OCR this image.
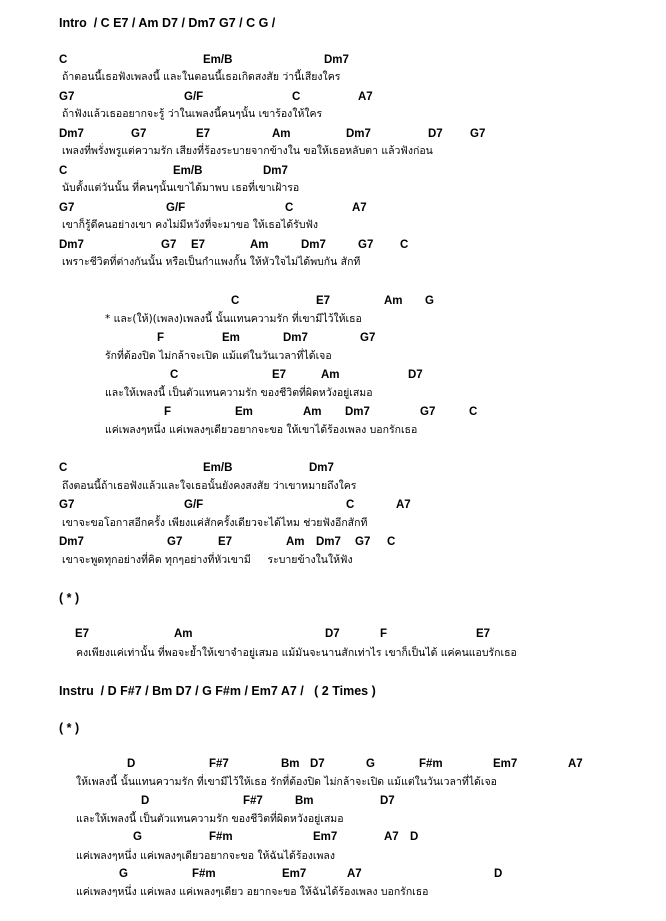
Intro  / C E7 / Am D7 / Dm7 G7 / C G /

C

	Em/B

	Dm7

ถ้าตอนนี้เธอฟังเพลงนี้ และในตอนนี้เธอเกิดสงสัย ว่านี้เสียงใคร

G7

	G/F

	C

	A7

ถ้าฟังแล้วเธออยากจะรู้ ว่าในเพลงนี้คนๆนั้น เขาร้องให้ใคร

Dm7

	G7

	E7

	Am

	Dm7

	D7

G7

เพลงที่พรั่งพรูแต่ความรัก เสียงที่ร้องระบายจากข้างใน ขอให้เธอหลับตา แล้วฟังก่อน

C

	Em/B

	Dm7

นับตั้งแต่วันนั้น ที่คนๆนั้นเขาได้มาพบ เธอที่เขาเฝ้ารอ

G7

	G/F

	C

	A7

เขาก็รู้ดีคนอย่างเขา คงไม่มีหวังที่จะมาขอ ให้เธอได้รับฟัง

Dm7

	G7

E7

	Am

	Dm7

	G7

C

เพราะชีวิตที่ต่างกันนั้น หรือเป็นกำแพงกั้น ให้หัวใจไม่ได้พบกัน สักที

C

	E7

	Am

G

* และ(ให้)(เพลง)เพลงนี้ นั้นแทนความรัก ที่เขามีไว้ให้เธอ

F

	Em

	Dm7

	G7

รักที่ต้องปิด ไม่กล้าจะเปิด แม้แต่ในวันเวลาที่ได้เจอ

C

	E7

	Am

	D7

และให้เพลงนี้ เป็นตัวแทนความรัก ของชีวิตที่ผิดหวังอยู่เสมอ

F

	Em

	Am

Dm7

	G7

	C

แค่เพลงๆหนึ่ง แค่เพลงๆเดียวอยากจะขอ ให้เขาได้ร้องเพลง บอกรักเธอ

C

	Em/B

	Dm7

ถึงตอนนี้ถ้าเธอฟังแล้วและใจเธอนั้นยังคงสงสัย ว่าเขาหมายถึงใคร

G7

	G/F

	C

	A7

เขาจะขอโอกาสอีกครั้ง เพียงแค่สักครั้งเดียวจะได้ไหม ช่วยฟังอีกสักที

Dm7

	G7

	E7

	Am

Dm7

G7

C

เขาจะพูดทุกอย่างที่คิด ทุกๆอย่างที่หัวเขามี     ระบายข้างในให้ฟัง
( * )

E7

	Am

	D7

	F

	E7

คงเพียงแค่เท่านั้น ที่พอจะย้ำให้เขาจำอยู่เสมอ แม้มันจะนานสักเท่าไร เขาก็เป็นได้ แค่คนแอบรักเธอ
Instru  / D F#7 / Bm D7 / G F#m / Em7 A7 /   ( 2 Times )
( * )

D

	F#7

	Bm

D7

	G

	F#m

	Em7

	A7

ให้เพลงนี้ นั้นแทนความรัก ที่เขามีไว้ให้เธอ รักที่ต้องปิด ไม่กล้าจะเปิด แม้แต่ในวันเวลาที่ได้เจอ

D

	F#7

	Bm

	D7

และให้เพลงนี้ เป็นตัวแทนความรัก ของชีวิตที่ผิดหวังอยู่เสมอ

G

	F#m

	Em7

	A7

D

แค่เพลงๆหนึ่ง แค่เพลงๆเดียวอยากจะขอ ให้ฉันได้ร้องเพลง

G

	F#m

	Em7

	A7

	D

แค่เพลงๆหนึ่ง แค่เพลง แค่เพลงๆเดียว อยากจะขอ ให้ฉันได้ร้องเพลง บอกรักเธอ
